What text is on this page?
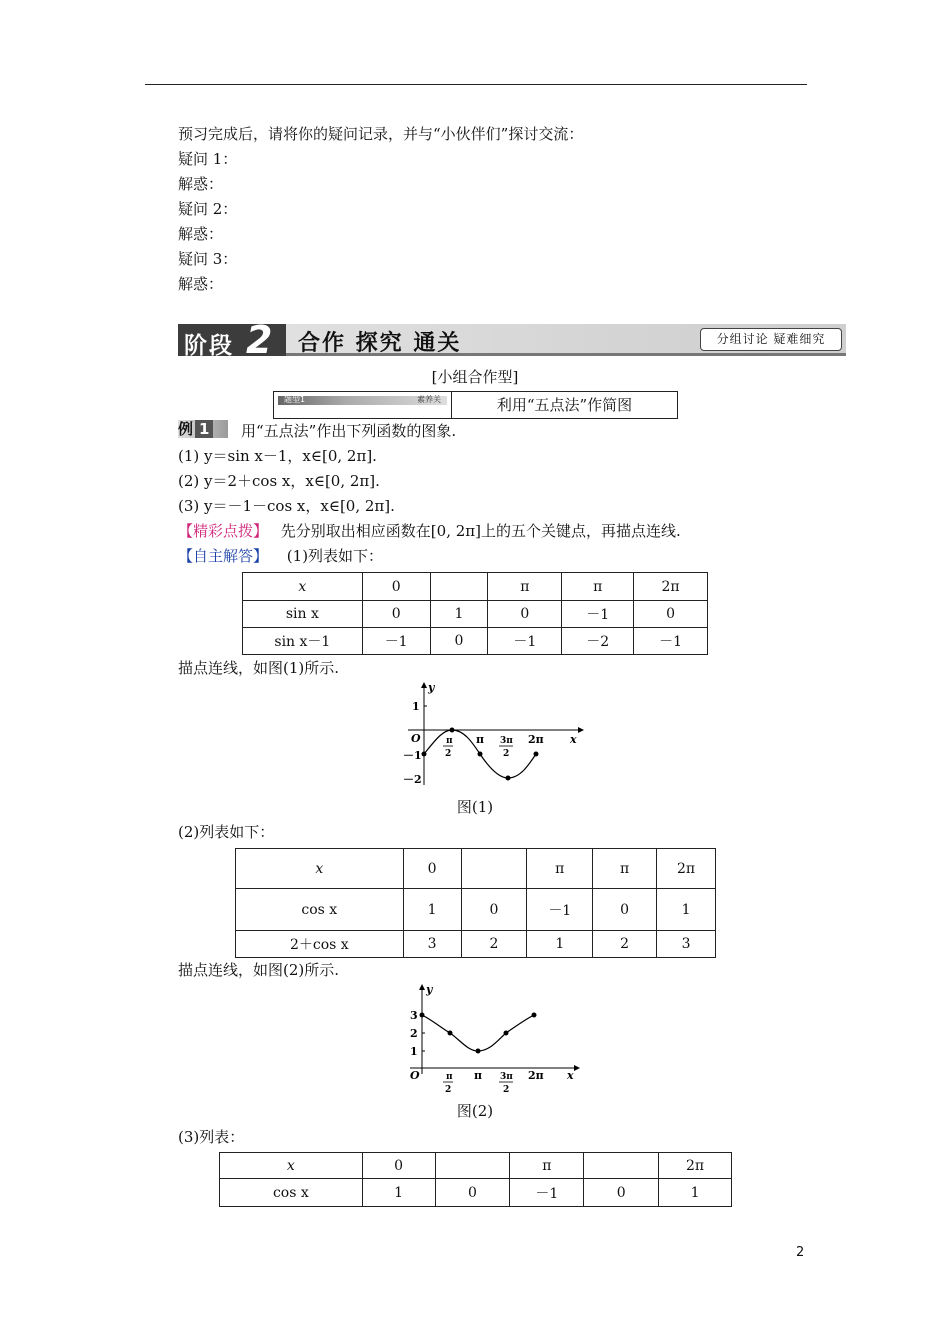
预习完成后，请将你的疑问记录，并与“小伙伴们”探讨交流：
疑问 1：
解惑：
疑问 2：
解惑：
疑问 3：
解惑：
阶段 2 合作 探究 通关	分组讨论 疑难细究
[小组合作型]
题型1	素养关	利用“五点法”作简图
例 1	用“五点法”作出下列函数的图象.
(1) y＝sin x－1，x∈[0, 2π].
(2) y＝2＋cos x，x∈[0, 2π].
(3) y＝－1－cos x，x∈[0, 2π].
【精彩点拨】 先分别取出相应函数在[0, 2π]上的五个关键点，再描点连线.
【自主解答】 (1)列表如下：
x	0		π	π	2π
sin x	0	1	0	－1	0
sin x－1	－1	0	－1	－2	－1
描点连线，如图(1)所示.
y
x
O
1
－1
－2
π
2
π 3π
2
2π
图(1)
(2)列表如下：
x	0		π	π	2π
cos x	1	0	－1	0	1
2＋cos x	3	2	1	2	3
描点连线，如图(2)所示.
y
x
O
3
2
1
π
2
π 3π
2
2π
图(2)
(3)列表：
x	0		π		2π
cos x	1	0	－1	0	1
2
